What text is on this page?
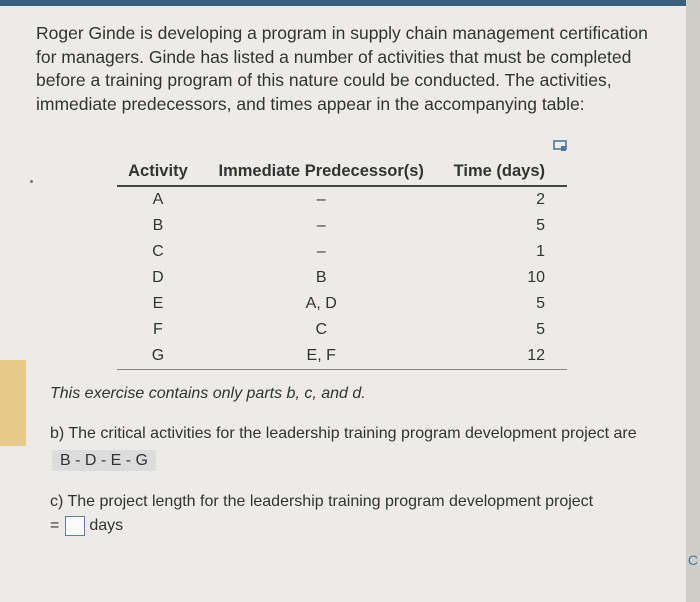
Roger Ginde is developing a program in supply chain management certification for managers. Ginde has listed a number of activities that must be completed before a training program of this nature could be conducted. The activities, immediate predecessors, and times appear in the accompanying table:
Activity	Immediate Predecessor(s)	Time (days)
A	–	2
B	–	5
C	–	1
D	B	10
E	A, D	5
F	C	5
G	E, F	12
This exercise contains only parts b, c, and d.
b) The critical activities for the leadership training program development project are B - D - E - G
c) The project length for the leadership training program development project
= days
C
